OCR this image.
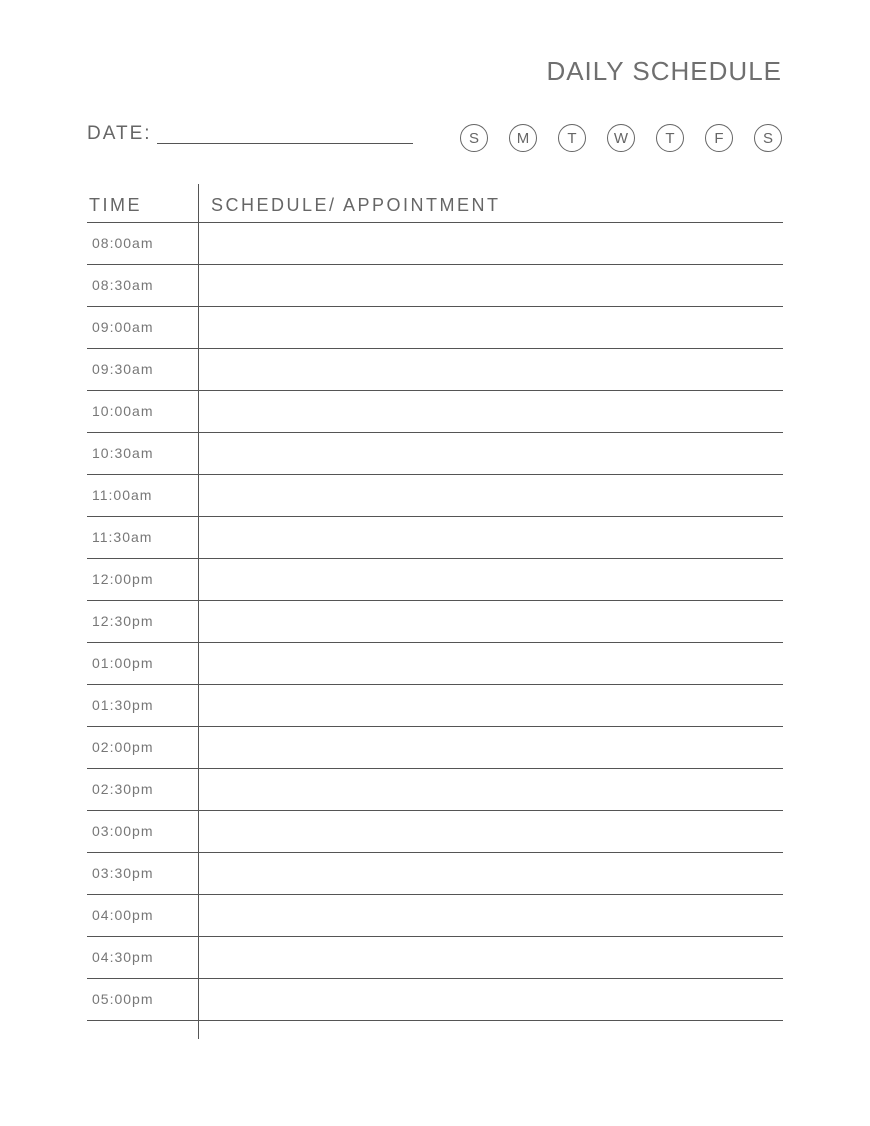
DAILY SCHEDULE
DATE:	S	M	T	W	T	F	S
TIME	SCHEDULE/ APPOINTMENT
08:00am
08:30am
09:00am
09:30am
10:00am
10:30am
11:00am
11:30am
12:00pm
12:30pm
01:00pm
01:30pm
02:00pm
02:30pm
03:00pm
03:30pm
04:00pm
04:30pm
05:00pm
